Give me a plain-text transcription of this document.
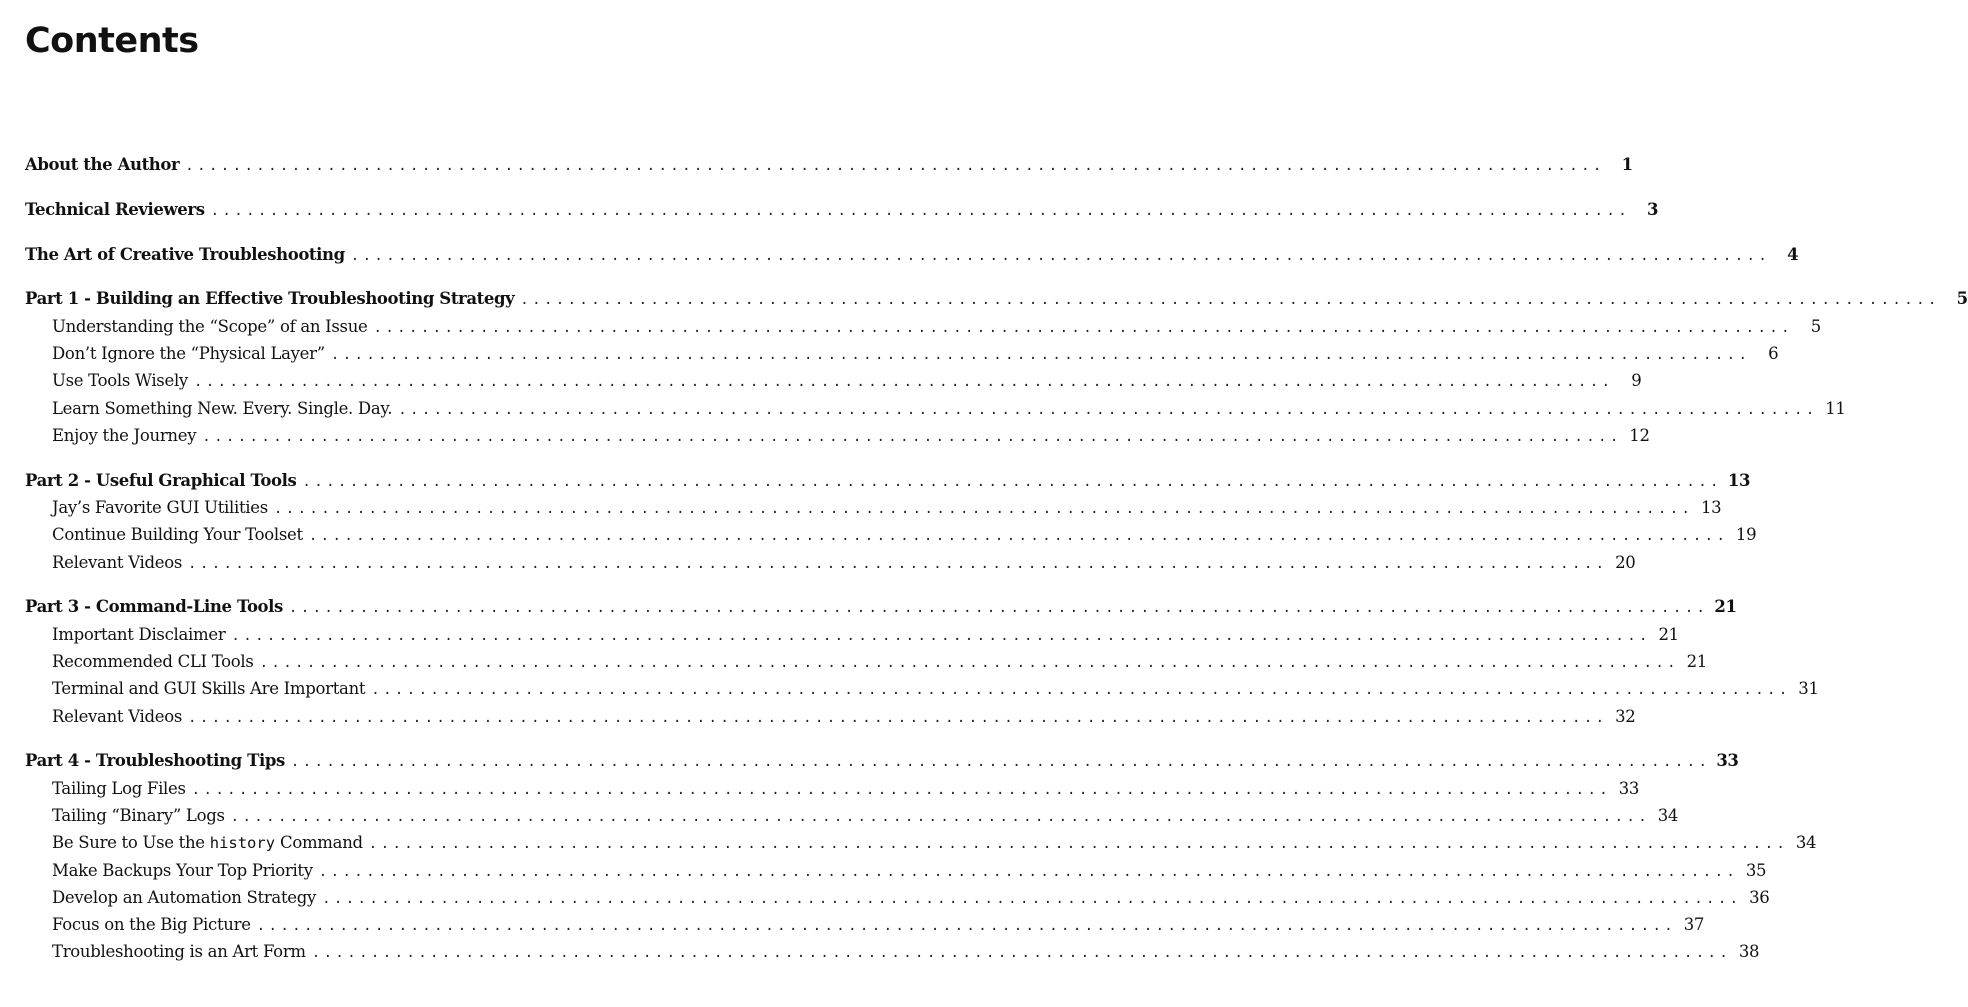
Contents
About the Author ........................................................................................................................	1
Technical Reviewers ........................................................................................................................	3
The Art of Creative Troubleshooting ........................................................................................................................	4
Part 1 - Building an Effective Troubleshooting Strategy ........................................................................................................................	5
Understanding the “Scope” of an Issue ........................................................................................................................	5
Don’t Ignore the “Physical Layer” ........................................................................................................................	6
Use Tools Wisely ........................................................................................................................	9
Learn Something New. Every. Single. Day. ........................................................................................................................ 11
Enjoy the Journey ........................................................................................................................ 12
Part 2 - Useful Graphical Tools ........................................................................................................................ 13
Jay’s Favorite GUI Utilities ........................................................................................................................ 13
Continue Building Your Toolset ........................................................................................................................ 19
Relevant Videos ........................................................................................................................ 20
Part 3 - Command-Line Tools ........................................................................................................................ 21
Important Disclaimer ........................................................................................................................ 21
Recommended CLI Tools ........................................................................................................................ 21
Terminal and GUI Skills Are Important ........................................................................................................................ 31
Relevant Videos ........................................................................................................................ 32
Part 4 - Troubleshooting Tips ........................................................................................................................ 33
Tailing Log Files ........................................................................................................................ 33
Tailing “Binary” Logs ........................................................................................................................ 34
Be Sure to Use the history Command ........................................................................................................................ 34
Make Backups Your Top Priority ........................................................................................................................ 35
Develop an Automation Strategy ........................................................................................................................ 36
Focus on the Big Picture ........................................................................................................................ 37
Troubleshooting is an Art Form ........................................................................................................................ 38
